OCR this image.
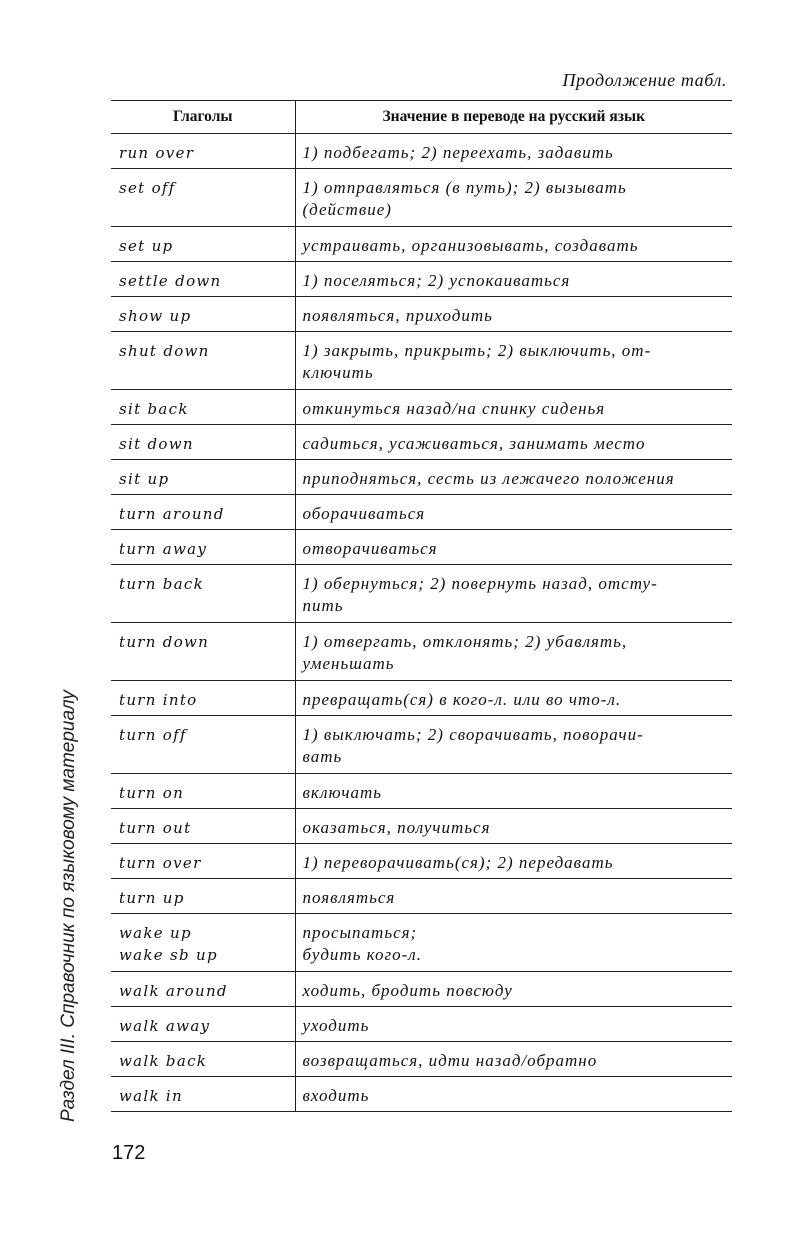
Продолжение табл.
Глаголы	Значение в переводе на русский язык

run over	1) подбегать; 2) переехать, задавить

set off	1) отправляться (в путь); 2) вызывать
(действие)

set up	устраивать, организовывать, создавать

settle down	1) поселяться; 2) успокаиваться

show up	появляться, приходить

shut down	1) закрыть, прикрыть; 2) выключить, от-
ключить

sit back	откинуться назад/на спинку сиденья

sit down	садиться, усаживаться, занимать место

sit up	приподняться, сесть из лежачего положения

turn around	оборачиваться

turn away	отворачиваться

turn back	1) обернуться; 2) повернуть назад, отсту-
пить

turn down	1) отвергать, отклонять; 2) убавлять,
уменьшать

turn into	превращать(ся) в кого-л. или во что-л.

turn off	1) выключать; 2) сворачивать, поворачи-
вать

turn on	включать

turn out	оказаться, получиться

turn over	1) переворачивать(ся); 2) передавать

turn up	появляться

wake up
wake sb up	просыпаться;
будить кого-л.

walk around	ходить, бродить повсюду

walk away	уходить

walk back	возвращаться, идти назад/обратно

walk in	входить
Раздел III. Справочник по языковому материалу
172
